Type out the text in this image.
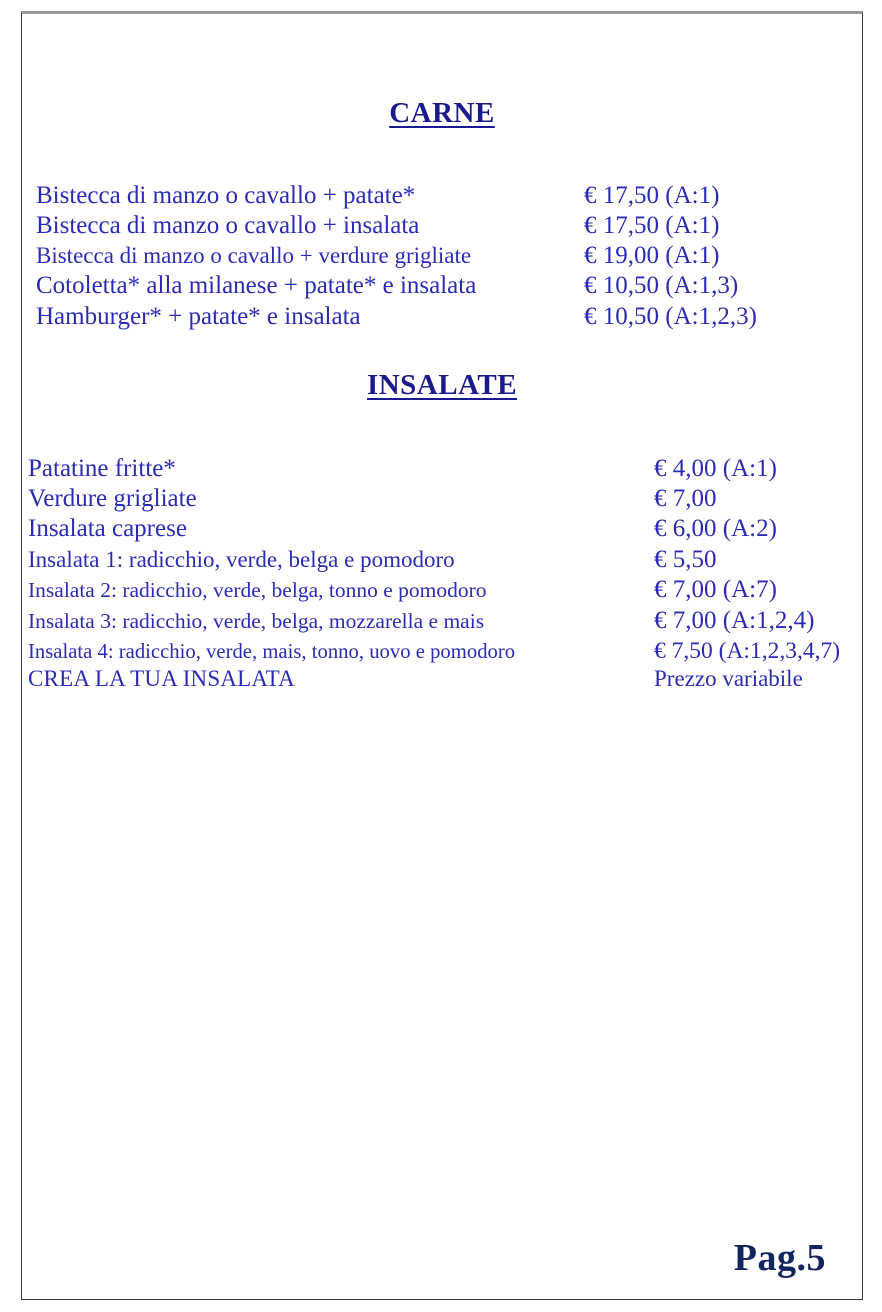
CARNE
Bistecca di manzo o cavallo + patate*	€ 17,50 (A:1)
Bistecca di manzo o cavallo + insalata	€ 17,50 (A:1)
Bistecca di manzo o cavallo + verdure grigliate	€ 19,00 (A:1)
Cotoletta* alla milanese + patate* e insalata	€ 10,50 (A:1,3)
Hamburger* + patate* e insalata	€ 10,50 (A:1,2,3)
INSALATE
Patatine fritte*	€ 4,00 (A:1)
Verdure grigliate	€ 7,00
Insalata caprese	€ 6,00 (A:2)
Insalata 1: radicchio, verde, belga e pomodoro	€ 5,50
Insalata 2: radicchio, verde, belga, tonno e pomodoro	€ 7,00 (A:7)
Insalata 3: radicchio, verde, belga, mozzarella e mais	€ 7,00 (A:1,2,4)
Insalata 4: radicchio, verde, mais, tonno, uovo e pomodoro	€ 7,50 (A:1,2,3,4,7)
CREA LA TUA INSALATA	Prezzo variabile
Pag.5
